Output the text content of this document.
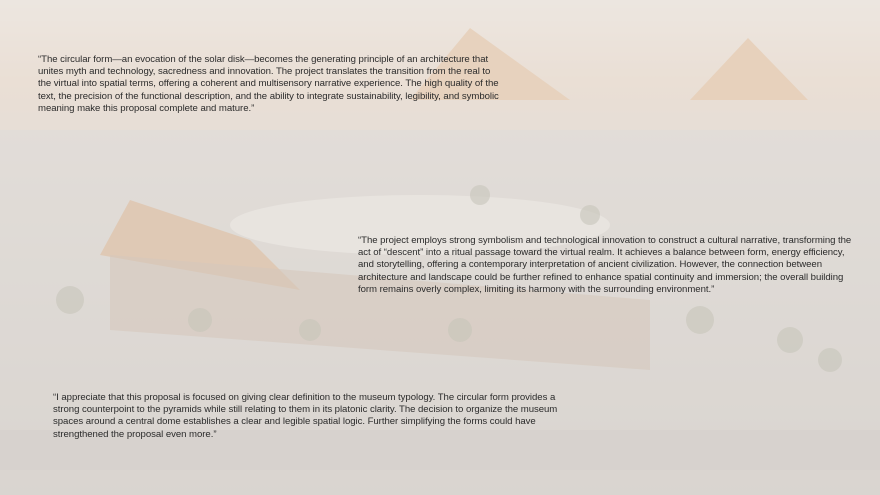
“The circular form—an evocation of the solar disk—becomes the generating principle of an architecture that unites myth and technology, sacredness and innovation. The project translates the transition from the real to the virtual into spatial terms, offering a coherent and multisensory narrative experience. The high quality of the text, the precision of the functional description, and the ability to integrate sustainability, legibility, and symbolic meaning make this proposal complete and mature.”

“The project employs strong symbolism and technological innovation to construct a cultural narrative, transforming the act of “descent” into a ritual passage toward the virtual realm. It achieves a balance between form, energy efficiency, and storytelling, offering a contemporary interpretation of ancient civilization. However, the connection between architecture and landscape could be further refined to enhance spatial continuity and immersion; the overall building form remains overly complex, limiting its harmony with the surrounding environment.”

“I appreciate that this proposal is focused on giving clear definition to the museum typology. The circular form provides a strong counterpoint to the pyramids while still relating to them in its platonic clarity. The decision to organize the museum spaces around a central dome establishes a clear and legible spatial logic. Further simplifying the forms could have strengthened the proposal even more.”
